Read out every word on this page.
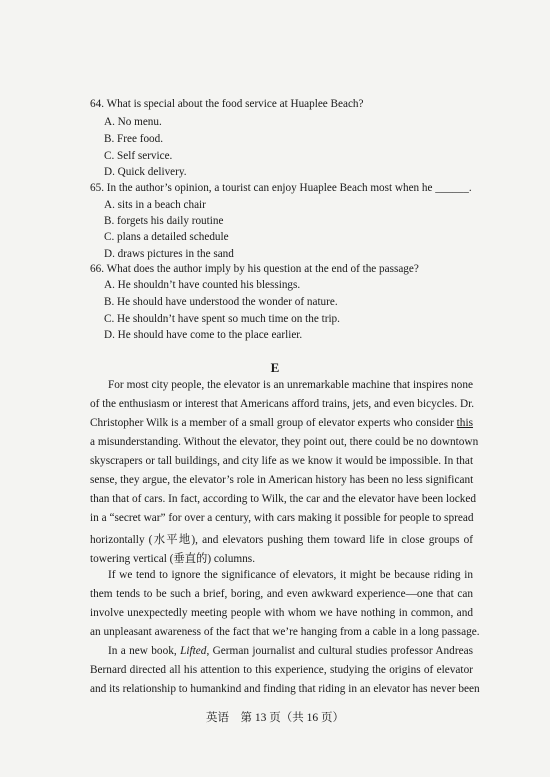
64. What is special about the food service at Huaplee Beach?
A. No menu.
B. Free food.
C. Self service.
D. Quick delivery.
65. In the author’s opinion, a tourist can enjoy Huaplee Beach most when he ______.
A. sits in a beach chair
B. forgets his daily routine
C. plans a detailed schedule
D. draws pictures in the sand
66. What does the author imply by his question at the end of the passage?
A. He shouldn’t have counted his blessings.
B. He should have understood the wonder of nature.
C. He shouldn’t have spent so much time on the trip.
D. He should have come to the place earlier.
E
For most city people, the elevator is an unremarkable machine that inspires none
of the enthusiasm or interest that Americans afford trains, jets, and even bicycles. Dr.
Christopher Wilk is a member of a small group of elevator experts who consider this
a misunderstanding. Without the elevator, they point out, there could be no downtown
skyscrapers or tall buildings, and city life as we know it would be impossible. In that
sense, they argue, the elevator’s role in American history has been no less significant
than that of cars. In fact, according to Wilk, the car and the elevator have been locked
in a “secret war” for over a century, with cars making it possible for people to spread
horizontally (水平地), and elevators pushing them toward life in close groups of
towering vertical (垂直的) columns.
If we tend to ignore the significance of elevators, it might be because riding in
them tends to be such a brief, boring, and even awkward experience—one that can
involve unexpectedly meeting people with whom we have nothing in common, and
an unpleasant awareness of the fact that we’re hanging from a cable in a long passage.
In a new book, Lifted, German journalist and cultural studies professor Andreas
Bernard directed all his attention to this experience, studying the origins of elevator
and its relationship to humankind and finding that riding in an elevator has never been
英语　第 13 页（共 16 页）
